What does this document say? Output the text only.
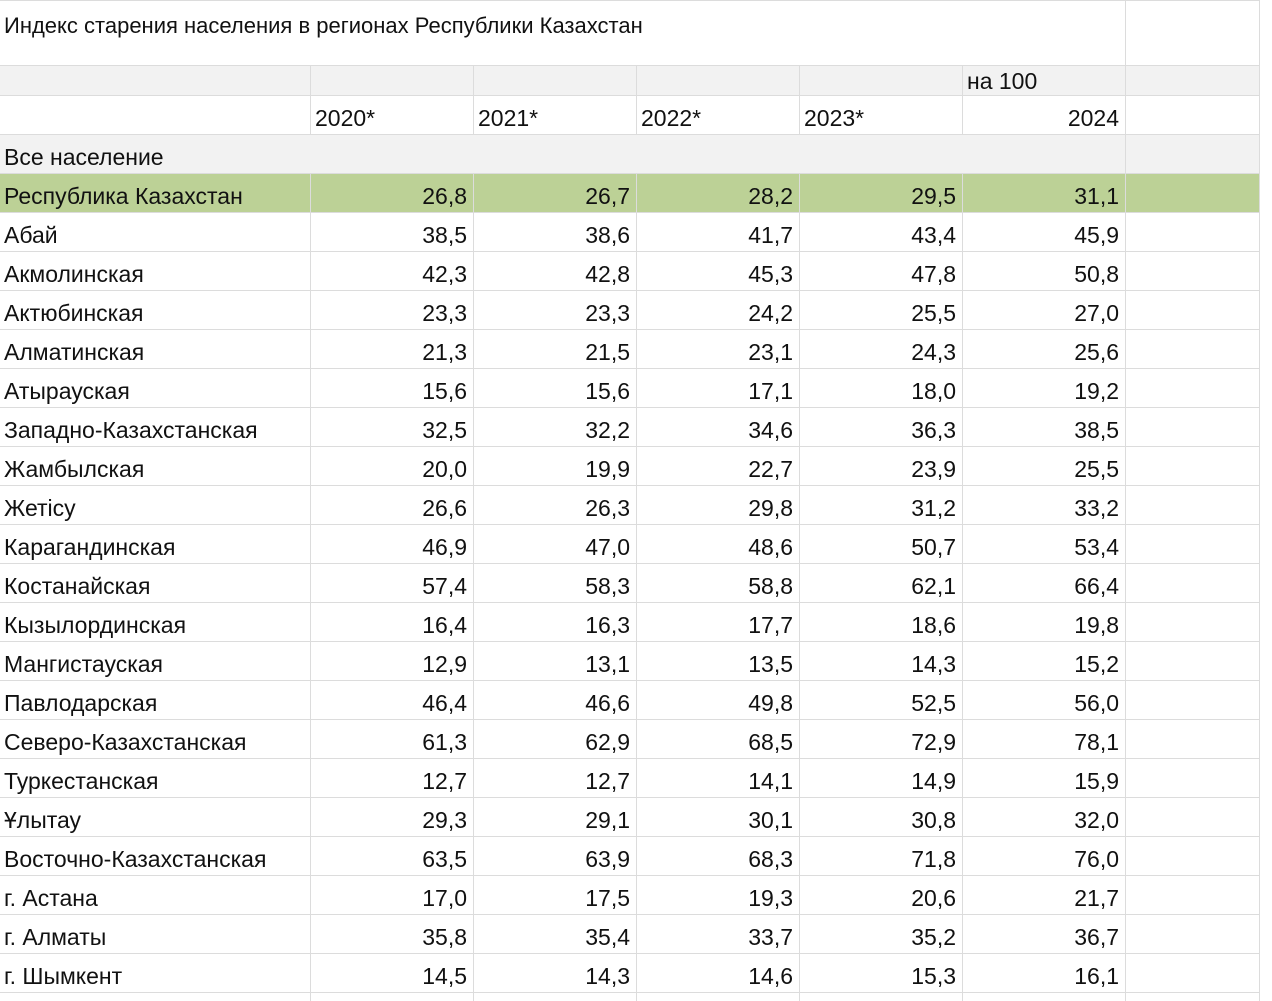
Индекс старения населения в регионах Республики Казахстан						
					на 100	
	2020*	2021*	2022*	2023*	2024	
Все население						
Республика Казахстан	26,8	26,7	28,2	29,5	31,1	
Абай	38,5	38,6	41,7	43,4	45,9	
Акмолинская	42,3	42,8	45,3	47,8	50,8	
Актюбинская	23,3	23,3	24,2	25,5	27,0	
Алматинская	21,3	21,5	23,1	24,3	25,6	
Атырауская	15,6	15,6	17,1	18,0	19,2	
Западно-Казахстанская	32,5	32,2	34,6	36,3	38,5	
Жамбылская	20,0	19,9	22,7	23,9	25,5	
Жетісу	26,6	26,3	29,8	31,2	33,2	
Карагандинская	46,9	47,0	48,6	50,7	53,4	
Костанайская	57,4	58,3	58,8	62,1	66,4	
Кызылординская	16,4	16,3	17,7	18,6	19,8	
Мангистауская	12,9	13,1	13,5	14,3	15,2	
Павлодарская	46,4	46,6	49,8	52,5	56,0	
Северо-Казахстанская	61,3	62,9	68,5	72,9	78,1	
Туркестанская	12,7	12,7	14,1	14,9	15,9	
Ұлытау	29,3	29,1	30,1	30,8	32,0	
Восточно-Казахстанская	63,5	63,9	68,3	71,8	76,0	
г. Астана	17,0	17,5	19,3	20,6	21,7	
г. Алматы	35,8	35,4	33,7	35,2	36,7	
г. Шымкент	14,5	14,3	14,6	15,3	16,1	
